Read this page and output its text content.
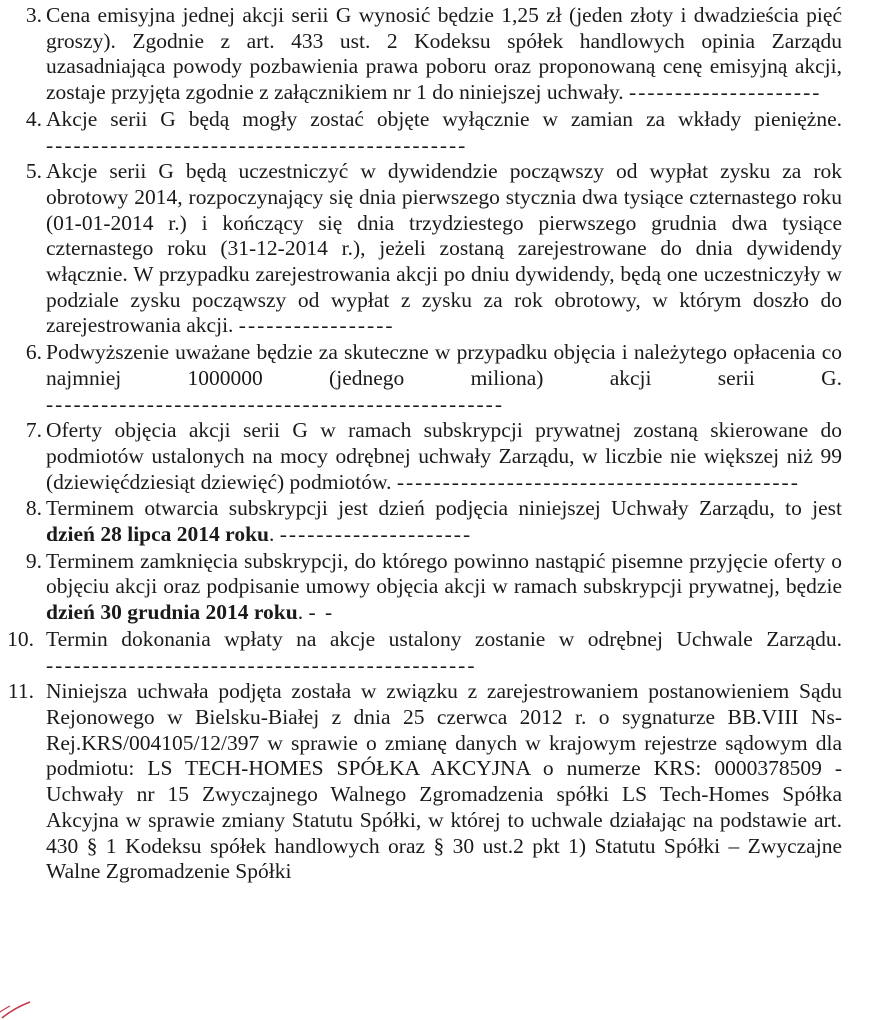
3. Cena emisyjna jednej akcji serii G wynosić będzie 1,25 zł (jeden złoty i dwadzieścia pięć groszy). Zgodnie z art. 433 ust. 2 Kodeksu spółek handlowych opinia Zarządu uzasadniająca powody pozbawienia prawa poboru oraz proponowaną cenę emisyjną akcji, zostaje przyjęta zgodnie z załącznikiem nr 1 do niniejszej uchwały. ---------------------
4. Akcje serii G będą mogły zostać objęte wyłącznie w zamian za wkłady pieniężne. ----------------------------------------------
5. Akcje serii G będą uczestniczyć w dywidendzie począwszy od wypłat zysku za rok obrotowy 2014, rozpoczynający się dnia pierwszego stycznia dwa tysiące czternastego roku (01-01-2014 r.) i kończący się dnia trzydziestego pierwszego grudnia dwa tysiące czternastego roku (31-12-2014 r.), jeżeli zostaną zarejestrowane do dnia dywidendy włącznie. W przypadku zarejestrowania akcji po dniu dywidendy, będą one uczestniczyły w podziale zysku począwszy od wypłat z zysku za rok obrotowy, w którym doszło do zarejestrowania akcji. -----------------
6. Podwyższenie uważane będzie za skuteczne w przypadku objęcia i należytego opłacenia co najmniej 1000000 (jednego miliona) akcji serii G. --------------------------------------------------
7. Oferty objęcia akcji serii G w ramach subskrypcji prywatnej zostaną skierowane do podmiotów ustalonych na mocy odrębnej uchwały Zarządu, w liczbie nie większej niż 99 (dziewięćdziesiąt dziewięć) podmiotów. --------------------------------------------
8. Terminem otwarcia subskrypcji jest dzień podjęcia niniejszej Uchwały Zarządu, to jest dzień 28 lipca 2014 roku. ---------------------
9. Terminem zamknięcia subskrypcji, do którego powinno nastąpić pisemne przyjęcie oferty o objęciu akcji oraz podpisanie umowy objęcia akcji w ramach subskrypcji prywatnej, będzie dzień 30 grudnia 2014 roku. - -
10. Termin dokonania wpłaty na akcje ustalony zostanie w odrębnej Uchwale Zarządu. -----------------------------------------------
11. Niniejsza uchwała podjęta została w związku z zarejestrowaniem postanowieniem Sądu Rejonowego w Bielsku-Białej z dnia 25 czerwca 2012 r. o sygnaturze BB.VIII Ns-Rej.KRS/004105/12/397 w sprawie o zmianę danych w krajowym rejestrze sądowym dla podmiotu: LS TECH-HOMES SPÓŁKA AKCYJNA o numerze KRS: 0000378509 - Uchwały nr 15 Zwyczajnego Walnego Zgromadzenia spółki LS Tech-Homes Spółka Akcyjna w sprawie zmiany Statutu Spółki, w której to uchwale działając na podstawie art. 430 § 1 Kodeksu spółek handlowych oraz § 30 ust.2 pkt 1) Statutu Spółki – Zwyczajne Walne Zgromadzenie Spółki
